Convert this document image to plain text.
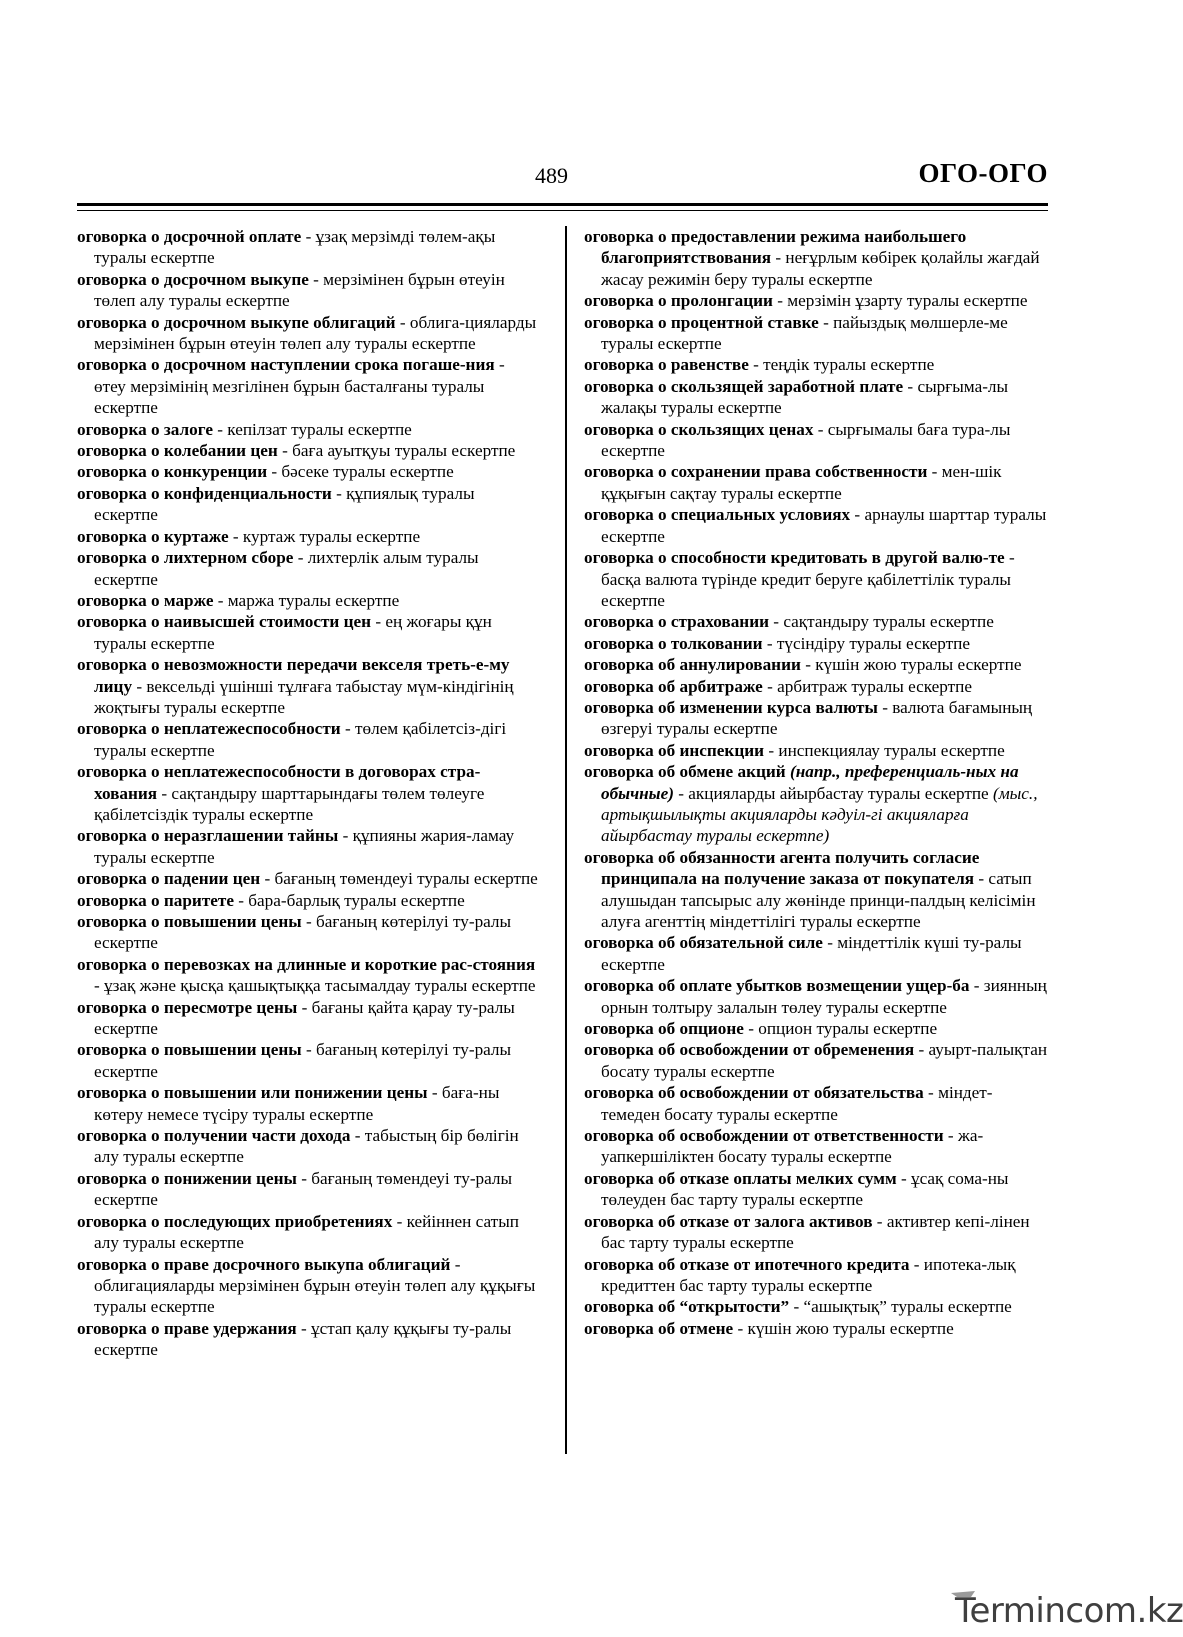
489	ОГО-ОГО
оговорка о досрочной оплате - ұзақ мерзімді төлем-ақы туралы ескертпе
оговорка о досрочном выкупе - мерзімінен бұрын өтеуін төлеп алу туралы ескертпе
оговорка о досрочном выкупе облигаций - облига-цияларды мерзімінен бұрын өтеуін төлеп алу туралы ескертпе
оговорка о досрочном наступлении срока погаше-ния - өтеу мерзімінің мезгілінен бұрын басталғаны туралы ескертпе
оговорка о залоге - кепілзат туралы ескертпе
оговорка о колебании цен - баға ауытқуы туралы ескертпе
оговорка о конкуренции - бәсеке туралы ескертпе
оговорка о конфиденциальности - құпиялық туралы ескертпе
оговорка о куртаже - куртаж туралы ескертпе
оговорка о лихтерном сборе - лихтерлік алым туралы ескертпе
оговорка о марже - маржа туралы ескертпе
оговорка о наивысшей стоимости цен - ең жоғары құн туралы ескертпе
оговорка о невозможности передачи векселя треть-е-му лицу - вексельді үшінші тұлғаға табыстау мүм-кіндігінің жоқтығы туралы ескертпе
оговорка о неплатежеспособности - төлем қабілетсіз-дігі туралы ескертпе
оговорка о неплатежеспособности в договорах стра-хования - сақтандыру шарттарындағы төлем төлеуге қабілетсіздік туралы ескертпе
оговорка о неразглашении тайны - құпияны жария-ламау туралы ескертпе
оговорка о падении цен - бағаның төмендеуі туралы ескертпе
оговорка о паритете - бара-барлық туралы ескертпе
оговорка о повышении цены - бағаның көтерілуі ту-ралы ескертпе
оговорка о перевозках на длинные и короткие рас-стояния - ұзақ және қысқа қашықтыққа тасымалдау туралы ескертпе
оговорка о пересмотре цены - бағаны қайта қарау ту-ралы ескертпе
оговорка о повышении цены - бағаның көтерілуі ту-ралы ескертпе
оговорка о повышении или понижении цены - баға-ны көтеру немесе түсіру туралы ескертпе
оговорка о получении части дохода - табыстың бір бөлігін алу туралы ескертпе
оговорка о понижении цены - бағаның төмендеуі ту-ралы ескертпе
оговорка о последующих приобретениях - кейіннен сатып алу туралы ескертпе
оговорка о праве досрочного выкупа облигаций - облигацияларды мерзімінен бұрын өтеуін төлеп алу құқығы туралы ескертпе
оговорка о праве удержания - ұстап қалу құқығы ту-ралы ескертпе
оговорка о предоставлении режима наибольшего благоприятствования - неғұрлым көбірек қолайлы жағдай жасау режимін беру туралы ескертпе
оговорка о пролонгации - мерзімін ұзарту туралы ескертпе
оговорка о процентной ставке - пайыздық мөлшерле-ме туралы ескертпе
оговорка о равенстве - теңдік туралы ескертпе
оговорка о скользящей заработной плате - сырғыма-лы жалақы туралы ескертпе
оговорка о скользящих ценах - сырғымалы баға тура-лы ескертпе
оговорка о сохранении права собственности - мен-шік құқығын сақтау туралы ескертпе
оговорка о специальных условиях - арнаулы шарттар туралы ескертпе
оговорка о способности кредитовать в другой валю-те - басқа валюта түрінде кредит беруге қабілеттілік туралы ескертпе
оговорка о страховании - сақтандыру туралы ескертпе
оговорка о толковании - түсіндіру туралы ескертпе
оговорка об аннулировании - күшін жою туралы ескертпе
оговорка об арбитраже - арбитраж туралы ескертпе
оговорка об изменении курса валюты - валюта бағамының өзгеруі туралы ескертпе
оговорка об инспекции - инспекциялау туралы ескертпе
оговорка об обмене акций (напр., преференциаль-ных на обычные) - акцияларды айырбастау туралы ескертпе (мыс., артықшылықты акцияларды кәдуіл-гі акцияларға айырбастау туралы ескертпе)
оговорка об обязанности агента получить согласие принципала на получение заказа от покупателя - сатып алушыдан тапсырыс алу жөнінде принци-палдың келісімін алуға агенттің міндеттілігі туралы ескертпе
оговорка об обязательной силе - міндеттілік күші ту-ралы ескертпе
оговорка об оплате убытков возмещении ущер-ба - зиянның орнын толтыру залалын төлеу туралы ескертпе
оговорка об опционе - опцион туралы ескертпе
оговорка об освобождении от обременения - ауырт-палықтан босату туралы ескертпе
оговорка об освобождении от обязательства - міндет-темеден босату туралы ескертпе
оговорка об освобождении от ответственности - жа-уапкершіліктен босату туралы ескертпе
оговорка об отказе оплаты мелких сумм - ұсақ сома-ны төлеуден бас тарту туралы ескертпе
оговорка об отказе от залога активов - активтер кепі-лінен бас тарту туралы ескертпе
оговорка об отказе от ипотечного кредита - ипотека-лық кредиттен бас тарту туралы ескертпе
оговорка об “открытости” - “ашықтық” туралы ескертпе
оговорка об отмене - күшін жою туралы ескертпе
Termincom.kz
